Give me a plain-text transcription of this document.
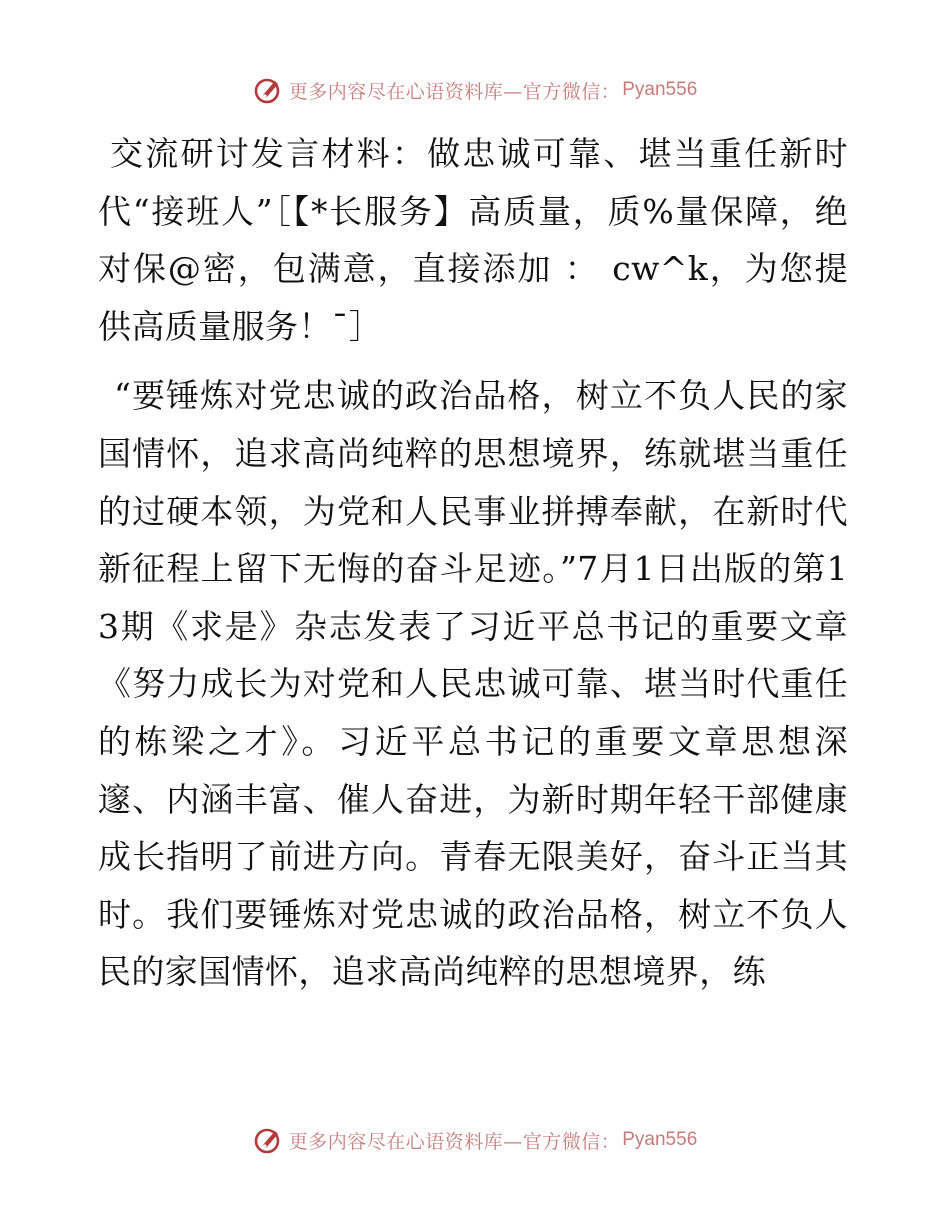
更多内容尽在心语资料库—官方微信： Pyan556

交流研讨发言材料：做忠诚可靠、堪当重任新时代“接班人”［【*长服务】高质量，质%量保障，绝对保@密，包满意，直接添加 ： cw^k，为您提供高质量服务！¯］

“要锤炼对党忠诚的政治品格，树立不负人民的家国情怀，追求高尚纯粹的思想境界，练就堪当重任的过硬本领，为党和人民事业拼搏奉献，在新时代新征程上留下无悔的奋斗足迹。”7月1日出版的第13期《求是》杂志发表了习近平总书记的重要文章《努力成长为对党和人民忠诚可靠、堪当时代重任的栋梁之才》。习近平总书记的重要文章思想深邃、内涵丰富、催人奋进，为新时期年轻干部健康成长指明了前进方向。青春无限美好，奋斗正当其时。我们要锤炼对党忠诚的政治品格，树立不负人民的家国情怀，追求高尚纯粹的思想境界，练

更多内容尽在心语资料库—官方微信： Pyan556
